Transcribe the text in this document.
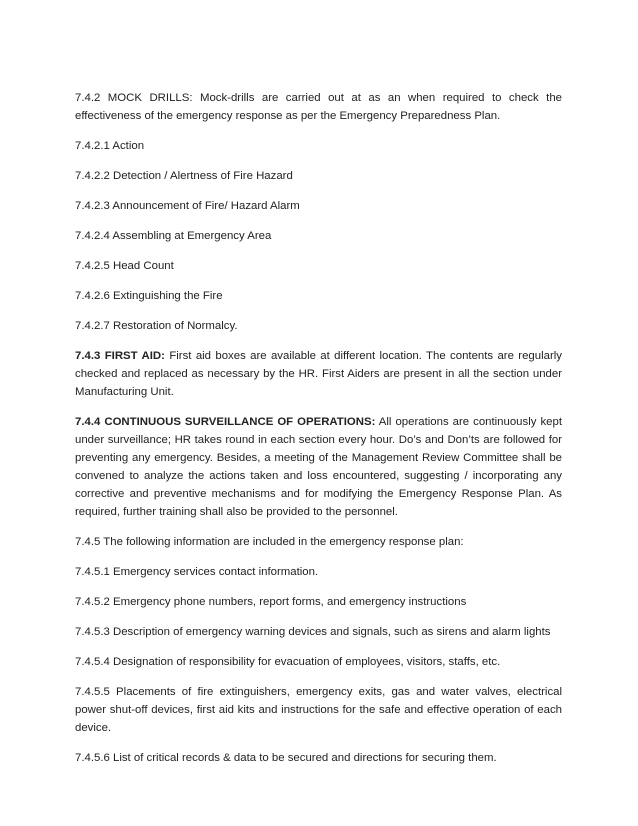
7.4.2 MOCK DRILLS: Mock-drills are carried out at as an when required to check the effectiveness of the emergency response as per the Emergency Preparedness Plan.

7.4.2.1 Action

7.4.2.2 Detection / Alertness of Fire Hazard

7.4.2.3 Announcement of Fire/ Hazard Alarm

7.4.2.4 Assembling at Emergency Area

7.4.2.5 Head Count

7.4.2.6 Extinguishing the Fire

7.4.2.7 Restoration of Normalcy.

7.4.3 FIRST AID: First aid boxes are available at different location. The contents are regularly checked and replaced as necessary by the HR. First Aiders are present in all the section under Manufacturing Unit.

7.4.4 CONTINUOUS SURVEILLANCE OF OPERATIONS: All operations are continuously kept under surveillance; HR takes round in each section every hour. Do’s and Don’ts are followed for preventing any emergency. Besides, a meeting of the Management Review Committee shall be convened to analyze the actions taken and loss encountered, suggesting / incorporating any corrective and preventive mechanisms and for modifying the Emergency Response Plan. As required, further training shall also be provided to the personnel.

7.4.5 The following information are included in the emergency response plan:

7.4.5.1 Emergency services contact information.

7.4.5.2 Emergency phone numbers, report forms, and emergency instructions

7.4.5.3 Description of emergency warning devices and signals, such as sirens and alarm lights

7.4.5.4 Designation of responsibility for evacuation of employees, visitors, staffs, etc.

7.4.5.5 Placements of fire extinguishers, emergency exits, gas and water valves, electrical power shut-off devices, first aid kits and instructions for the safe and effective operation of each device.

7.4.5.6 List of critical records & data to be secured and directions for securing them.
